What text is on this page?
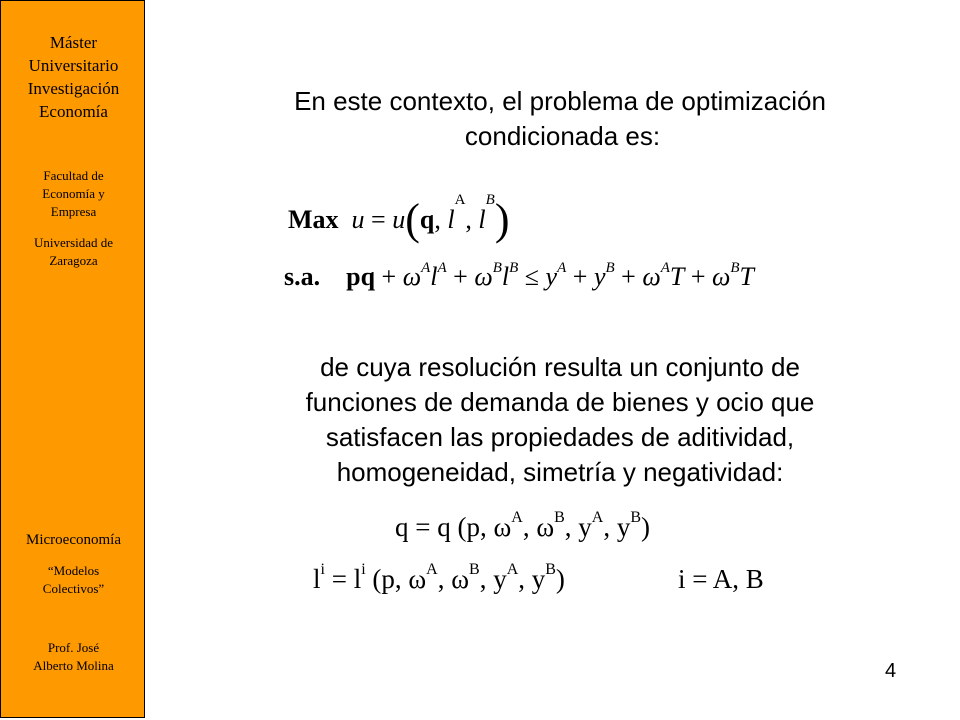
Máster
Universitario
Investigación
Economía
Facultad de
Economía y
Empresa
Universidad de
Zaragoza
Microeconomía
“Modelos
Colectivos”
Prof. José
Alberto Molina
En este contexto, el problema de optimización
condicionada es:
Max u = u(q, $l^A$, $l^B$)
s.a. pq + $\omega^Al^A + \omega^Bl^B \le y^A + y^B + \omega^AT + \omega^BT$
de cuya resolución resulta un conjunto de
funciones de demanda de bienes y ocio que
satisfacen las propiedades de aditividad,
homogeneidad, simetría y negatividad:
q = q (p, $\omega^A$, $\omega^B$, $y^A$, $y^B$)
$l^i = l^i$ (p, $\omega^A$, $\omega^B$, $y^A$, $y^B$)	i = A, B
4
